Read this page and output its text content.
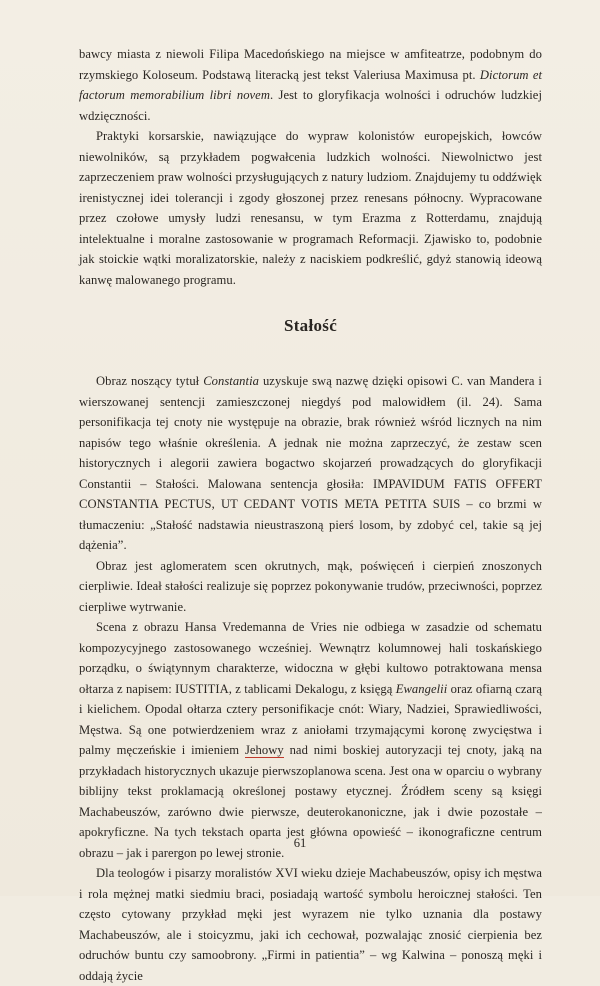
bawcy miasta z niewoli Filipa Macedońskiego na miejsce w amfiteatrze, podobnym do rzymskiego Koloseum. Podstawą literacką jest tekst Valeriusa Maximusa pt. Dictorum et factorum memorabilium libri novem. Jest to gloryfikacja wolności i odruchów ludzkiej wdzięczności.

Praktyki korsarskie, nawiązujące do wypraw kolonistów europejskich, łowców niewolników, są przykładem pogwałcenia ludzkich wolności. Niewolnictwo jest zaprzeczeniem praw wolności przysługujących z natury ludziom. Znajdujemy tu oddźwięk irenistycznej idei tolerancji i zgody głoszonej przez renesans północny. Wypracowane przez czołowe umysły ludzi renesansu, w tym Erazma z Rotterdamu, znajdują intelektualne i moralne zastosowanie w programach Reformacji. Zjawisko to, podobnie jak stoickie wątki moralizatorskie, należy z naciskiem podkreślić, gdyż stanowią ideową kanwę malowanego programu.

Stałość

Obraz noszący tytuł Constantia uzyskuje swą nazwę dzięki opisowi C. van Mandera i wierszowanej sentencji zamieszczonej niegdyś pod malowidłem (il. 24). Sama personifikacja tej cnoty nie występuje na obrazie, brak również wśród licznych na nim napisów tego właśnie określenia. A jednak nie można zaprzeczyć, że zestaw scen historycznych i alegorii zawiera bogactwo skojarzeń prowadzących do gloryfikacji Constantii – Stałości. Malowana sentencja głosiła: IMPAVIDUM FATIS OFFERT CONSTANTIA PECTUS, UT CEDANT VOTIS META PETITA SUIS – co brzmi w tłumaczeniu: „Stałość nadstawia nieustraszoną pierś losom, by zdobyć cel, takie są jej dążenia”.

Obraz jest aglomeratem scen okrutnych, mąk, poświęceń i cierpień znoszonych cierpliwie. Ideał stałości realizuje się poprzez pokonywanie trudów, przeciwności, poprzez cierpliwe wytrwanie.

Scena z obrazu Hansa Vredemanna de Vries nie odbiega w zasadzie od schematu kompozycyjnego zastosowanego wcześniej. Wewnątrz kolumnowej hali toskańskiego porządku, o świątynnym charakterze, widoczna w głębi kultowo potraktowana mensa ołtarza z napisem: IUSTITIA, z tablicami Dekalogu, z księgą Ewangelii oraz ofiarną czarą i kielichem. Opodal ołtarza cztery personifikacje cnót: Wiary, Nadziei, Sprawiedliwości, Męstwa. Są one potwierdzeniem wraz z aniołami trzymającymi koronę zwycięstwa i palmy męczeńskie i imieniem Jehowy nad nimi boskiej autoryzacji tej cnoty, jaką na przykładach historycznych ukazuje pierwszoplanowa scena. Jest ona w oparciu o wybrany biblijny tekst proklamacją określonej postawy etycznej. Źródłem sceny są księgi Machabeuszów, zarówno dwie pierwsze, deuterokanoniczne, jak i dwie pozostałe – apokryficzne. Na tych tekstach oparta jest główna opowieść – ikonograficzne centrum obrazu – jak i parergon po lewej stronie.

Dla teologów i pisarzy moralistów XVI wieku dzieje Machabeuszów, opisy ich męstwa i rola mężnej matki siedmiu braci, posiadają wartość symbolu heroicznej stałości. Ten często cytowany przykład męki jest wyrazem nie tylko uznania dla postawy Machabeuszów, ale i stoicyzmu, jaki ich cechował, pozwalając znosić cierpienia bez odruchów buntu czy samoobrony. „Firmi in patientia” – wg Kalwina – ponoszą męki i oddają życie

61
